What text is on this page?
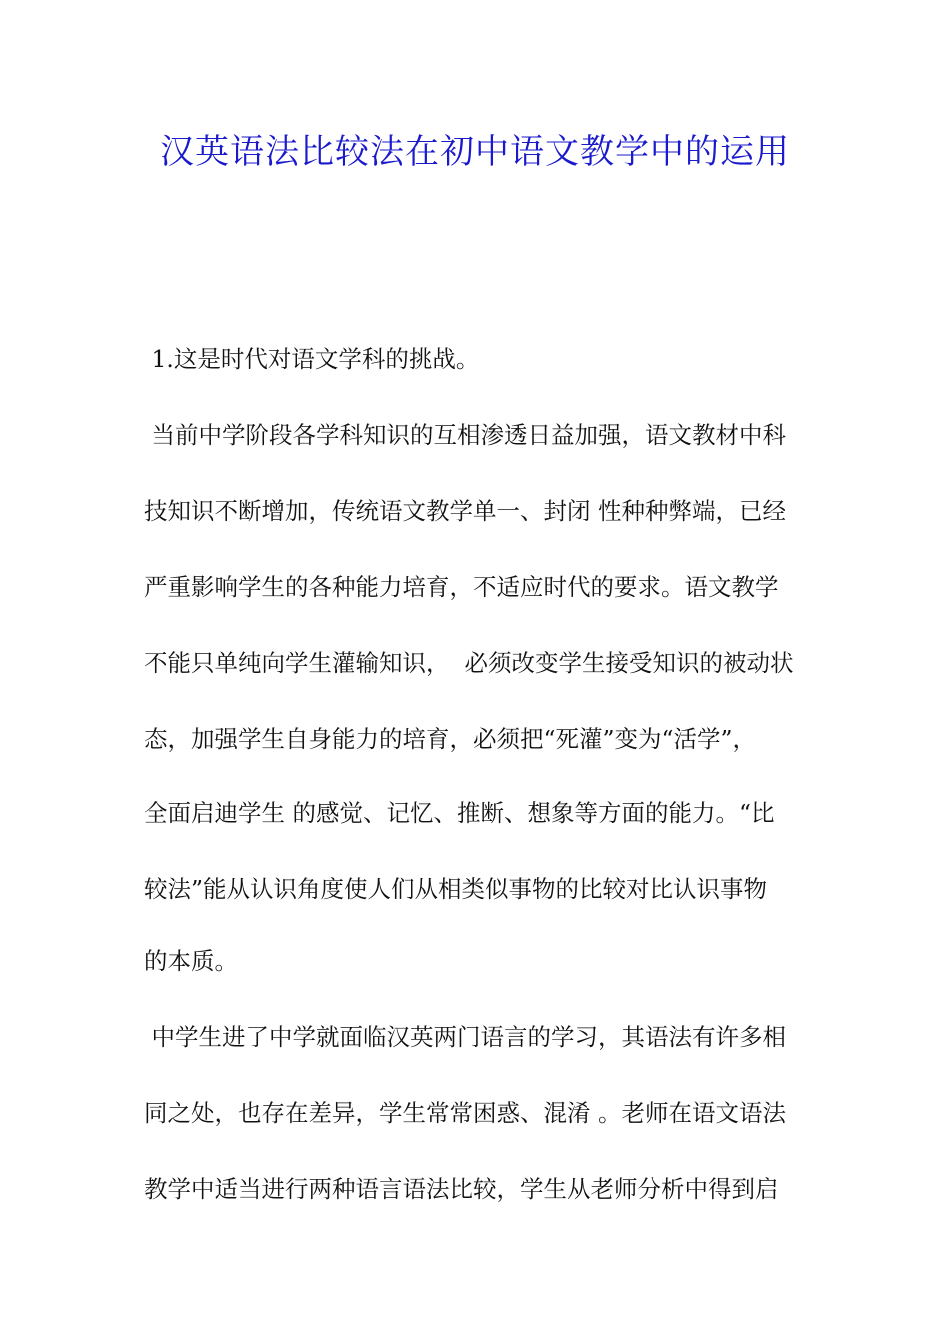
汉英语法比较法在初中语文教学中的运用
1.这是时代对语文学科的挑战。
当前中学阶段各学科知识的互相渗透日益加强，语文教材中科
技知识不断增加，传统语文教学单一、封闭 性种种弊端，已经
严重影响学生的各种能力培育，不适应时代的要求。语文教学
不能只单纯向学生灌输知识，  必须改变学生接受知识的被动状
态，加强学生自身能力的培育，必须把“死灌”变为“活学”，
全面启迪学生 的感觉、记忆、推断、想象等方面的能力。“比
较法”能从认识角度使人们从相类似事物的比较对比认识事物
的本质。
中学生进了中学就面临汉英两门语言的学习，其语法有许多相
同之处，也存在差异，学生常常困惑、混淆 。老师在语文语法
教学中适当进行两种语言语法比较，学生从老师分析中得到启
